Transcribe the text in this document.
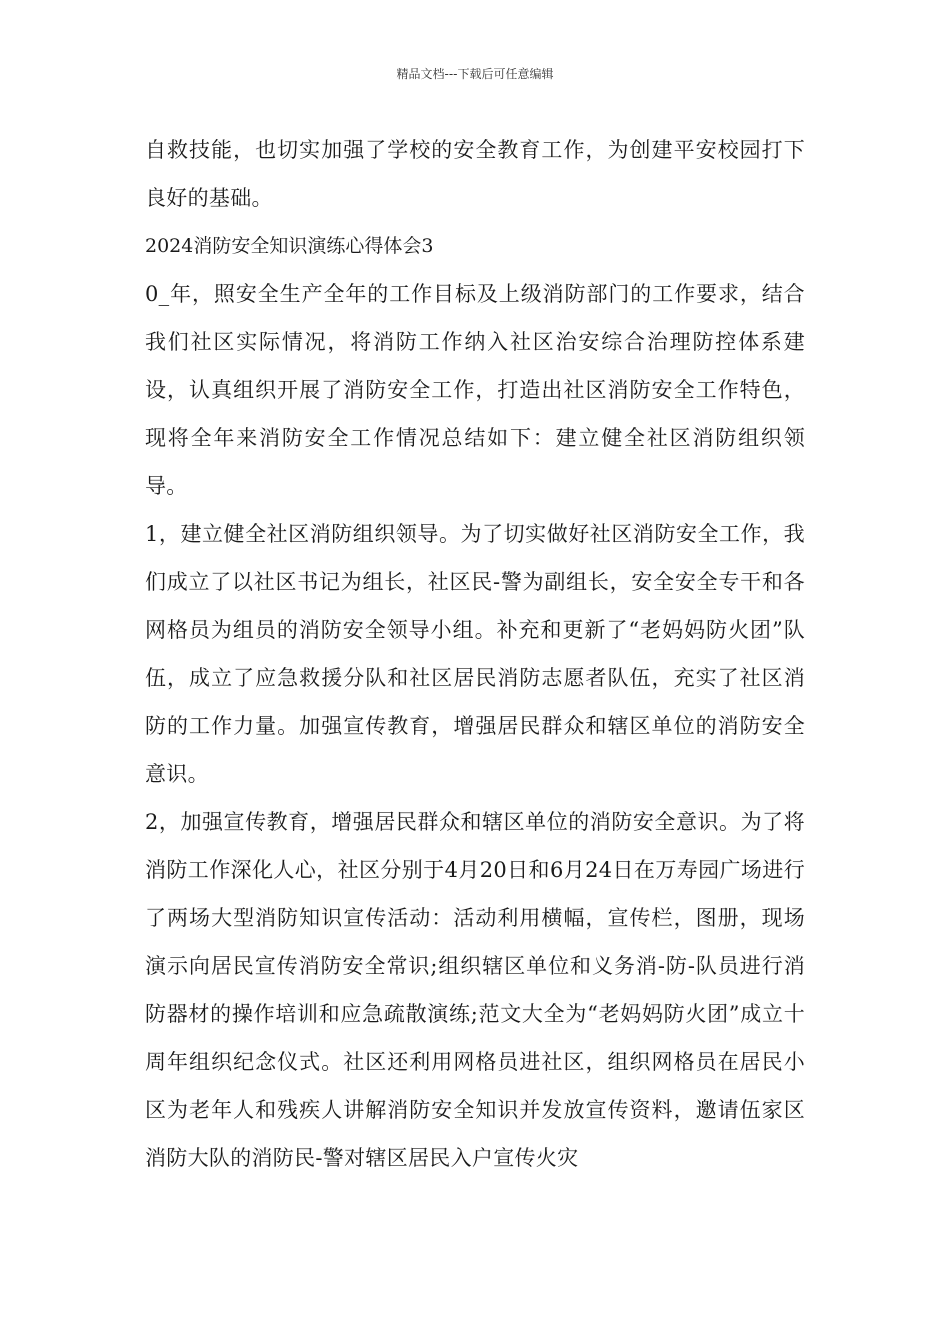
精品文档---下载后可任意编辑

自救技能，也切实加强了学校的安全教育工作，为创建平安校园打下良好的基础。

2024消防安全知识演练心得体会3

0_年，照安全生产全年的工作目标及上级消防部门的工作要求，结合我们社区实际情况，将消防工作纳入社区治安综合治理防控体系建设，认真组织开展了消防安全工作，打造出社区消防安全工作特色，现将全年来消防安全工作情况总结如下：建立健全社区消防组织领导。

1，建立健全社区消防组织领导。为了切实做好社区消防安全工作，我们成立了以社区书记为组长，社区民-警为副组长，安全安全专干和各网格员为组员的消防安全领导小组。补充和更新了“老妈妈防火团”队伍，成立了应急救援分队和社区居民消防志愿者队伍，充实了社区消防的工作力量。加强宣传教育，增强居民群众和辖区单位的消防安全意识。

2，加强宣传教育，增强居民群众和辖区单位的消防安全意识。为了将消防工作深化人心，社区分别于4月20日和6月24日在万寿园广场进行了两场大型消防知识宣传活动：活动利用横幅，宣传栏，图册，现场演示向居民宣传消防安全常识;组织辖区单位和义务消-防-队员进行消防器材的操作培训和应急疏散演练;范文大全为“老妈妈防火团”成立十周年组织纪念仪式。社区还利用网格员进社区，组织网格员在居民小区为老年人和残疾人讲解消防安全知识并发放宣传资料，邀请伍家区消防大队的消防民-警对辖区居民入户宣传火灾
